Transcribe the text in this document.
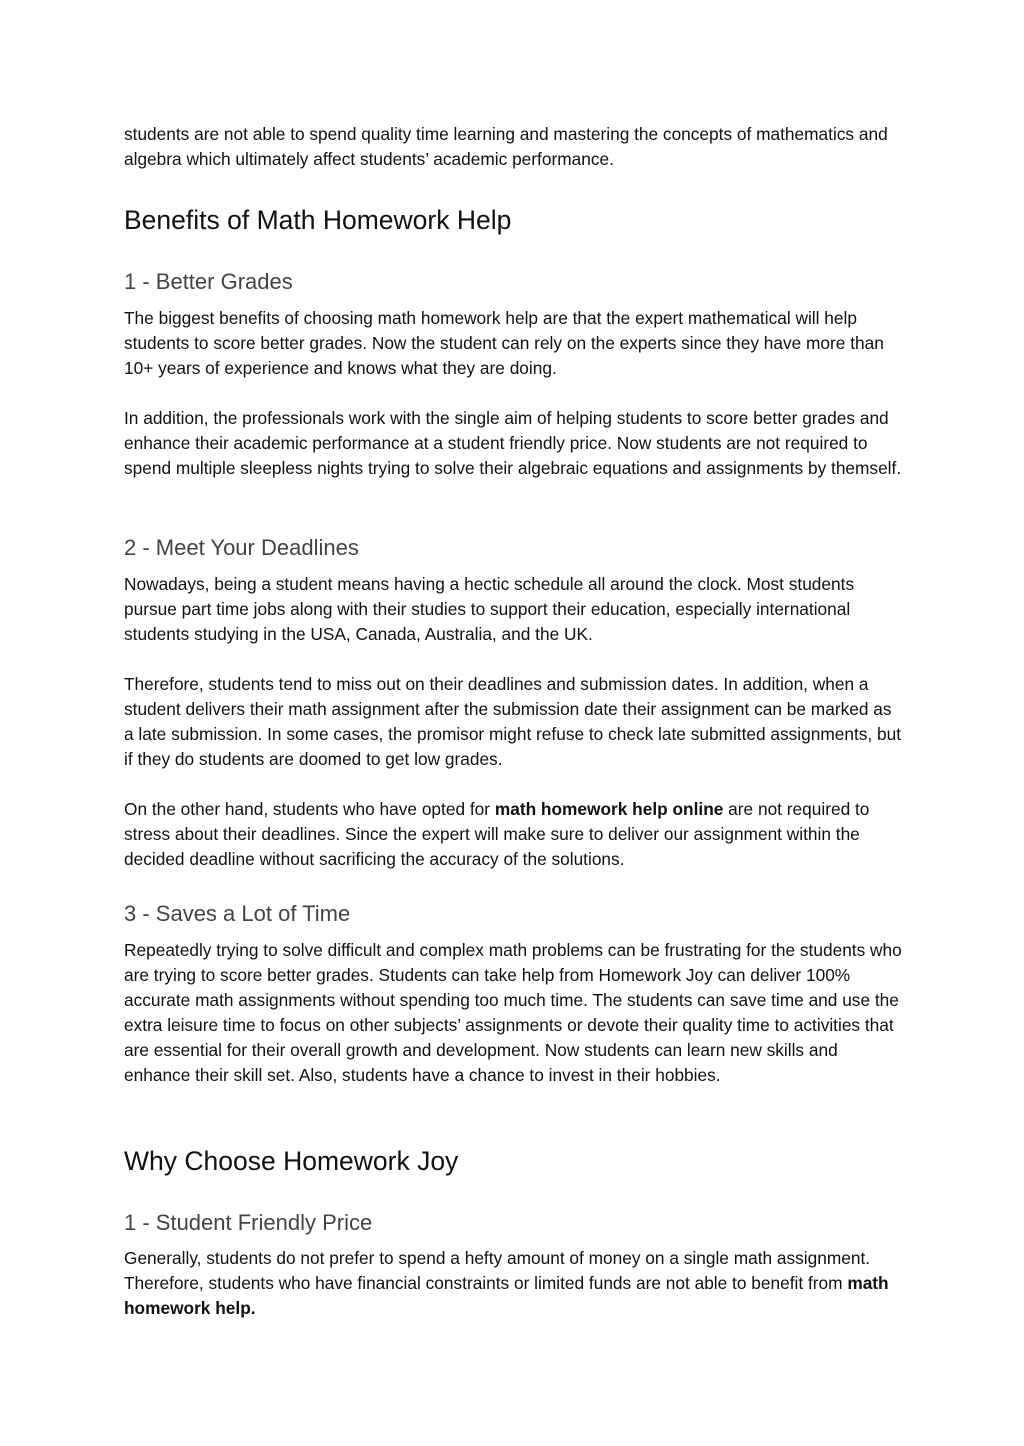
students are not able to spend quality time learning and mastering the concepts of mathematics and algebra which ultimately affect students’ academic performance.

Benefits of Math Homework Help
1 - Better Grades

The biggest benefits of choosing math homework help are that the expert mathematical will help students to score better grades. Now the student can rely on the experts since they have more than 10+ years of experience and knows what they are doing.

In addition, the professionals work with the single aim of helping students to score better grades and enhance their academic performance at a student friendly price. Now students are not required to spend multiple sleepless nights trying to solve their algebraic equations and assignments by themself.

2 - Meet Your Deadlines

Nowadays, being a student means having a hectic schedule all around the clock. Most students pursue part time jobs along with their studies to support their education, especially international students studying in the USA, Canada, Australia, and the UK.

Therefore, students tend to miss out on their deadlines and submission dates. In addition, when a student delivers their math assignment after the submission date their assignment can be marked as a late submission. In some cases, the promisor might refuse to check late submitted assignments, but if they do students are doomed to get low grades.

On the other hand, students who have opted for math homework help online are not required to stress about their deadlines. Since the expert will make sure to deliver our assignment within the decided deadline without sacrificing the accuracy of the solutions.

3 - Saves a Lot of Time

Repeatedly trying to solve difficult and complex math problems can be frustrating for the students who are trying to score better grades. Students can take help from Homework Joy can deliver 100% accurate math assignments without spending too much time. The students can save time and use the extra leisure time to focus on other subjects’ assignments or devote their quality time to activities that are essential for their overall growth and development. Now students can learn new skills and enhance their skill set. Also, students have a chance to invest in their hobbies.

Why Choose Homework Joy
1 - Student Friendly Price

Generally, students do not prefer to spend a hefty amount of money on a single math assignment. Therefore, students who have financial constraints or limited funds are not able to benefit from math homework help.
